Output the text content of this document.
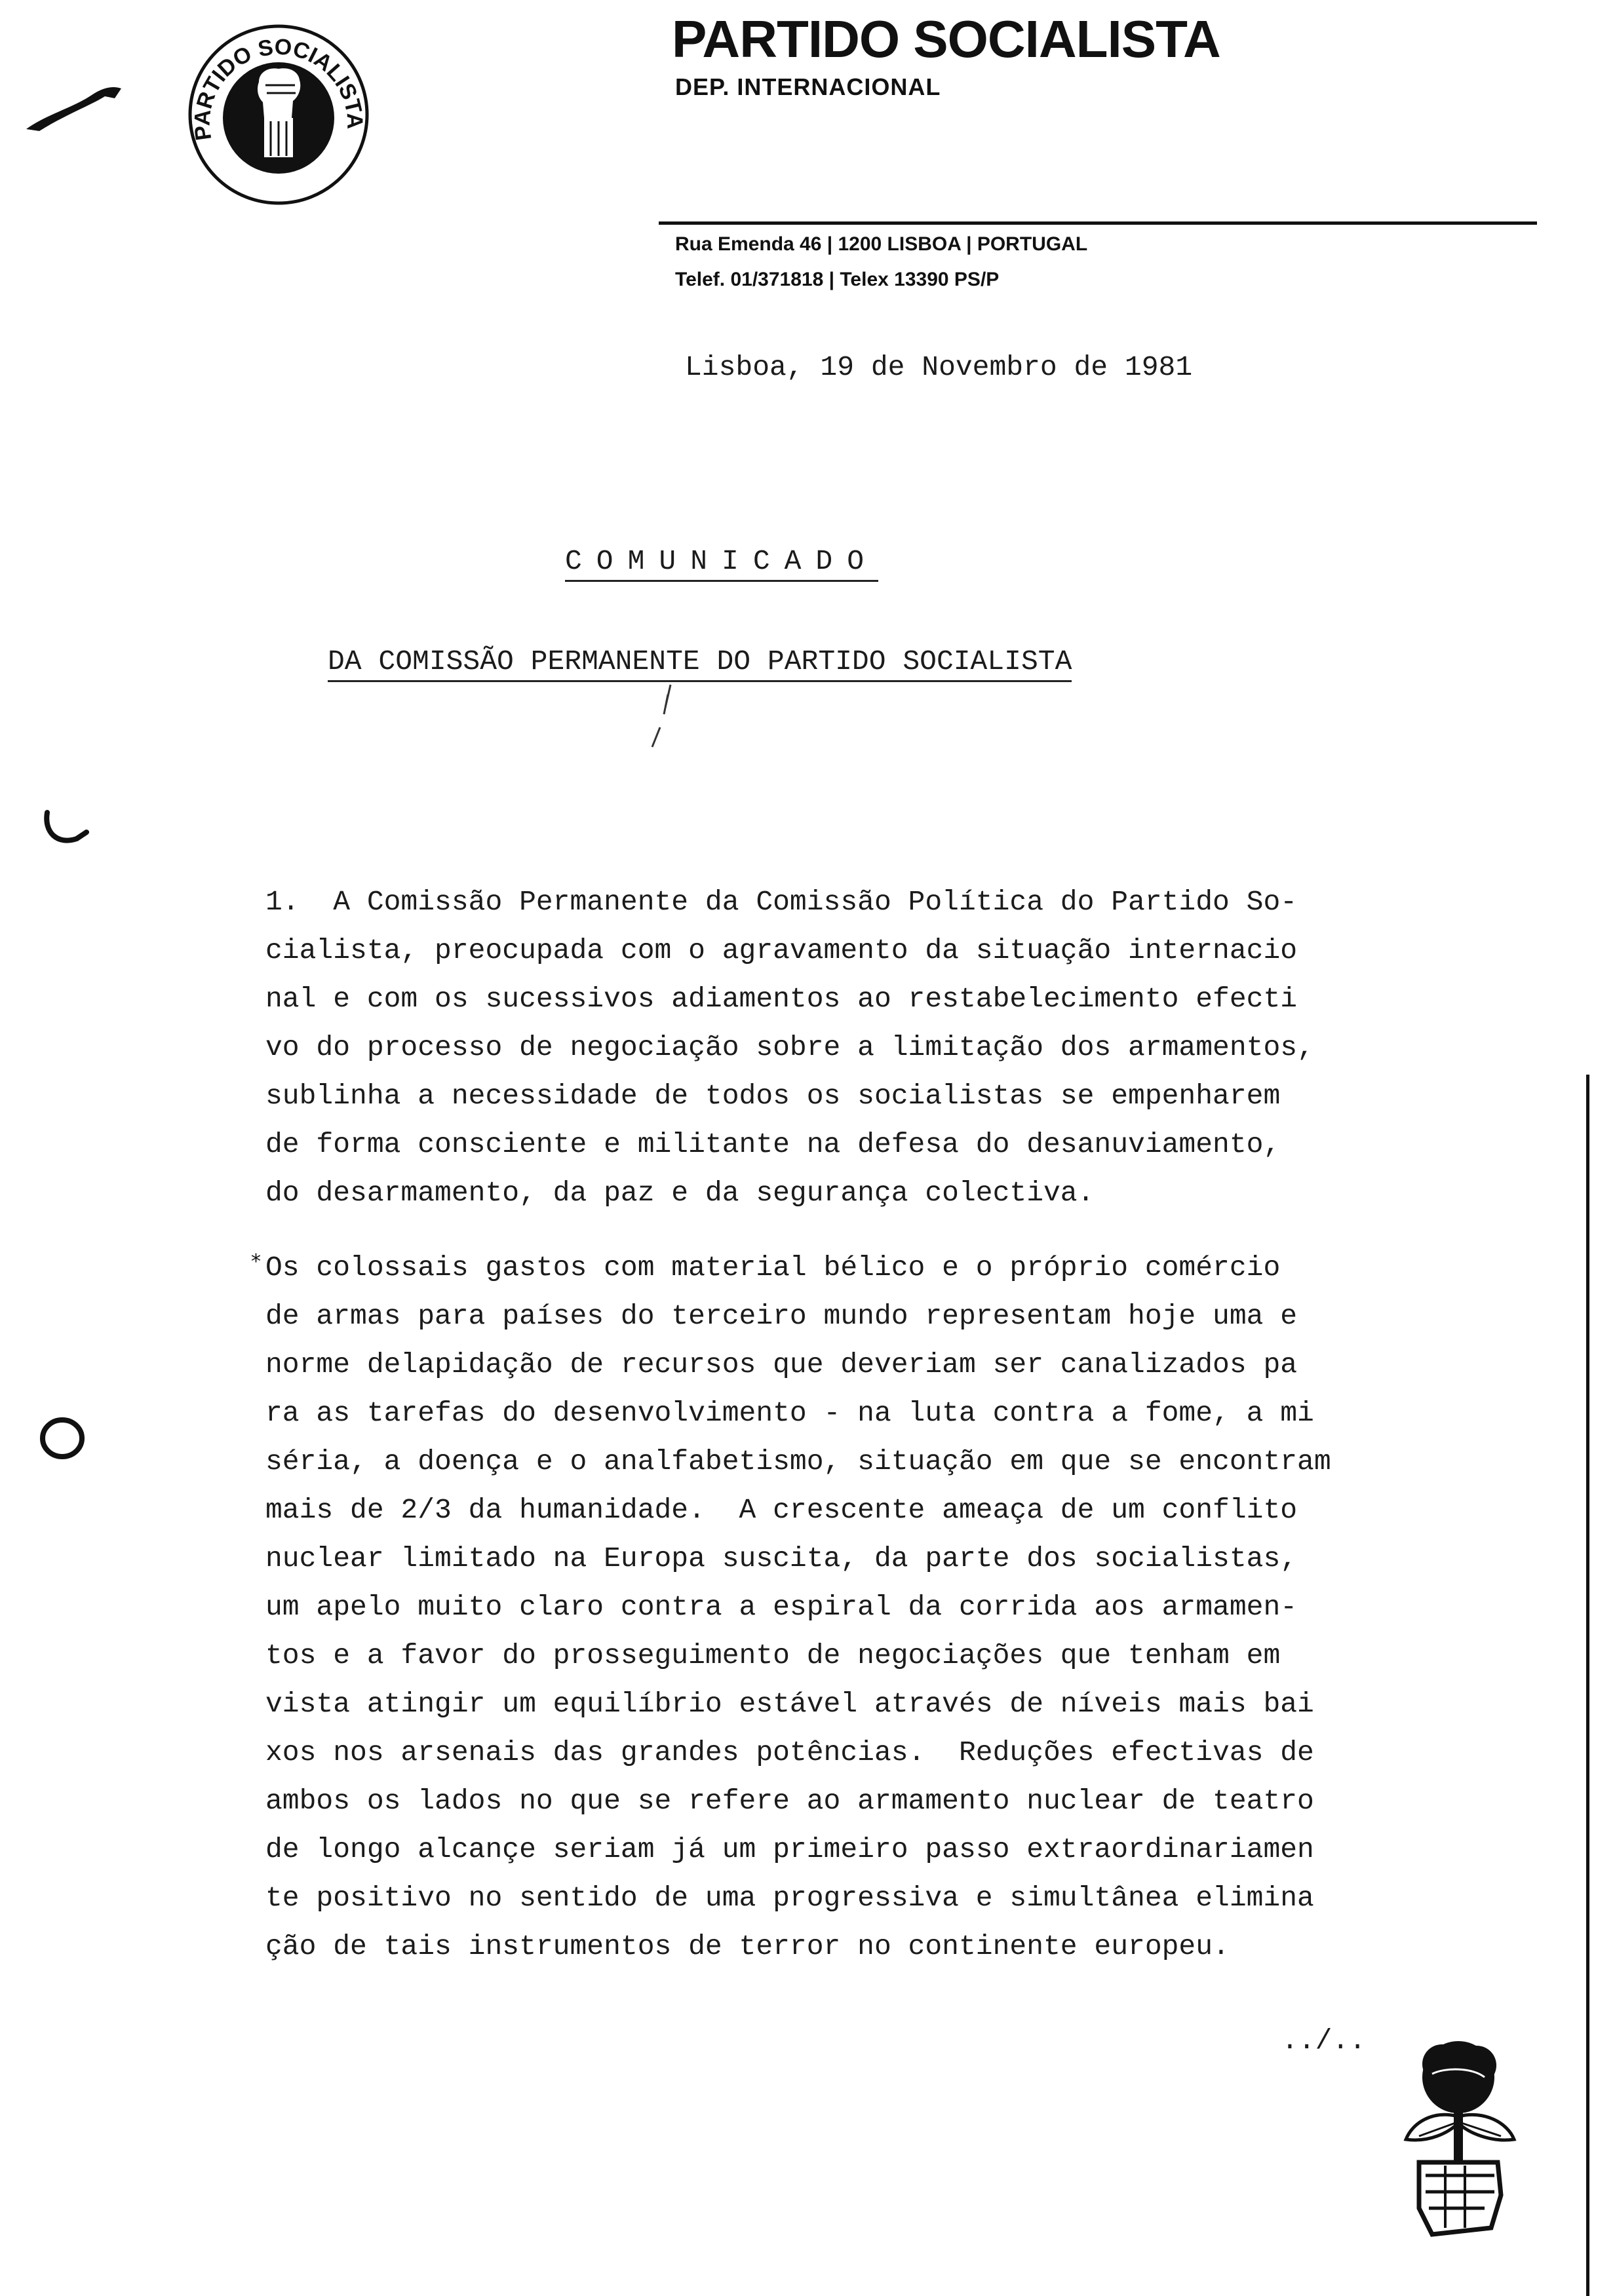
PARTIDO SOCIALISTA
PARTIDO SOCIALISTA
DEP. INTERNACIONAL
Rua Emenda 46 | 1200 LISBOA | PORTUGAL
Telef. 01/371818 | Telex 13390 PS/P
Lisboa, 19 de Novembro de 1981
COMUNICADO
DA COMISSÃO PERMANENTE DO PARTIDO SOCIALISTA
*
1.  A Comissão Permanente da Comissão Política do Partido So-
cialista, preocupada com o agravamento da situação internacio
nal e com os sucessivos adiamentos ao restabelecimento efecti
vo do processo de negociação sobre a limitação dos armamentos,
sublinha a necessidade de todos os socialistas se empenharem
de forma consciente e militante na defesa do desanuviamento,
do desarmamento, da paz e da segurança colectiva.
Os colossais gastos com material bélico e o próprio comércio
de armas para países do terceiro mundo representam hoje uma e
norme delapidação de recursos que deveriam ser canalizados pa
ra as tarefas do desenvolvimento - na luta contra a fome, a mi
séria, a doença e o analfabetismo, situação em que se encontram
mais de 2/3 da humanidade.  A crescente ameaça de um conflito
nuclear limitado na Europa suscita, da parte dos socialistas,
um apelo muito claro contra a espiral da corrida aos armamen-
tos e a favor do prosseguimento de negociações que tenham em
vista atingir um equilíbrio estável através de níveis mais bai
xos nos arsenais das grandes potências.  Reduções efectivas de
ambos os lados no que se refere ao armamento nuclear de teatro
de longo alcançe seriam já um primeiro passo extraordinariamen
te positivo no sentido de uma progressiva e simultânea elimina
ção de tais instrumentos de terror no continente europeu.
../..
